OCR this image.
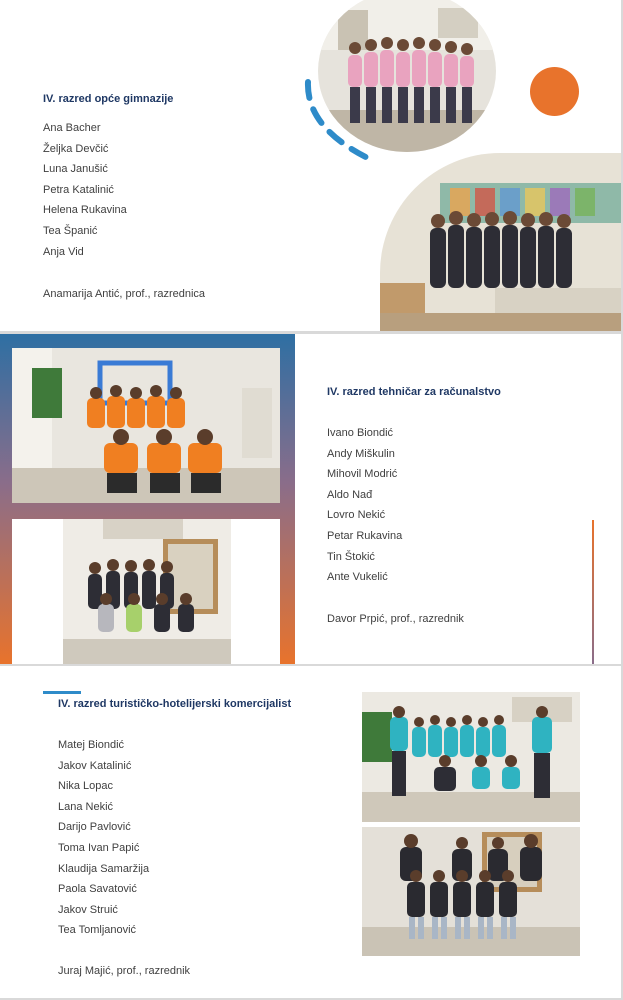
IV. razred opće gimnazije
Ana Bacher
Željka Devčić
Luna Janušić
Petra Katalinić
Helena Rukavina
Tea Španić
Anja Vid
Anamarija Antić, prof., razrednica
IV. razred tehničar za računalstvo
Ivano Biondić
Andy Miškulin
Mihovil Modrić
Aldo Nađ
Lovro Nekić
Petar Rukavina
Tin Štokić
Ante Vukelić
Davor Prpić, prof., razrednik
IV. razred turističko-hotelijerski komercijalist
Matej Biondić
Jakov Katalinić
Nika Lopac
Lana Nekić
Darijo Pavlović
Toma Ivan Papić
Klaudija Samaržija
Paola Savatović
Jakov Struić
Tea Tomljanović
Juraj Majić, prof., razrednik
